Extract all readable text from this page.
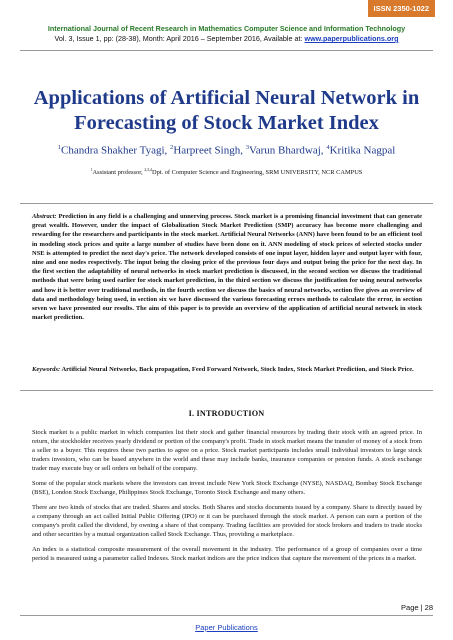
ISSN 2350-1022
International Journal of Recent Research in Mathematics Computer Science and Information Technology
Vol. 3, Issue 1, pp: (28-38), Month: April 2016 – September 2016, Available at: www.paperpublications.org
Applications of Artificial Neural Network in Forecasting of Stock Market Index
$^1$Chandra Shakher Tyagi, $^2$Harpreet Singh, $^3$Varun Bhardwaj, $^4$Kritika Nagpal
$^1$Assistant professor, $^{2,3,4}$Dpt. of Computer Science and Engineering, SRM UNIVERSITY, NCR CAMPUS

Abstract: Prediction in any field is a challenging and unnerving process. Stock market is a promising financial investment that can generate great wealth. However, under the impact of Globalization Stock Market Prediction (SMP) accuracy has become more challenging and rewarding for the researchers and participants in the stock market. Artificial Neural Networks (ANN) have been found to be an efficient tool in modeling stock prices and quite a large number of studies have been done on it. ANN modeling of stock prices of selected stocks under NSE is attempted to predict the next day's price. The network developed consists of one input layer, hidden layer and output layer with four, nine and one nodes respectively. The input being the closing price of the previous four days and output being the price for the next day. In the first section the adaptability of neural networks in stock market prediction is discussed, in the second section we discuss the traditional methods that were being used earlier for stock market prediction, in the third section we discuss the justification for using neural networks and how it is better over traditional methods, in the fourth section we discuss the basics of neural networks, section five gives an overview of data and methodology being used, in section six we have discussed the various forecasting errors methods to calculate the error, in section seven we have presented our results. The aim of this paper is to provide an overview of the application of artificial neural network in stock market prediction.

Keywords: Artificial Neural Networks, Back propagation, Feed Forward Network, Stock Index, Stock Market Prediction, and Stock Price.

I. INTRODUCTION

Stock market is a public market in which companies list their stock and gather financial resources by trading their stock with an agreed price. In return, the stockholder receives yearly dividend or portion of the company's profit. Trade in stock market means the transfer of money of a stock from a seller to a buyer. This requires these two parties to agree on a price. Stock market participants includes small individual investors to large stock traders investors, who can be based anywhere in the world and these may include banks, insurance companies or pension funds. A stock exchange trader may execute buy or sell orders on behalf of the company.

Some of the popular stock markets where the investors can invest include New York Stock Exchange (NYSE), NASDAQ, Bombay Stock Exchange (BSE), London Stock Exchange, Philippines Stock Exchange, Toronto Stock Exchange and many others.

There are two kinds of stocks that are traded. Shares and stocks. Both Shares and stocks documents issued by a company. Share is directly issued by a company through an act called Initial Public Offering (IPO) or it can be purchased through the stock market. A person can earn a portion of the company's profit called the dividend, by owning a share of that company. Trading facilities are provided for stock brokers and traders to trade stocks and other securities by a mutual organization called Stock Exchange. Thus, providing a marketplace.

An index is a statistical composite measurement of the overall movement in the industry. The performance of a group of companies over a time period is measured using a parameter called Indexes. Stock market indices are the price indices that capture the movement of the prices in a market.

Page | 28
Paper Publications
